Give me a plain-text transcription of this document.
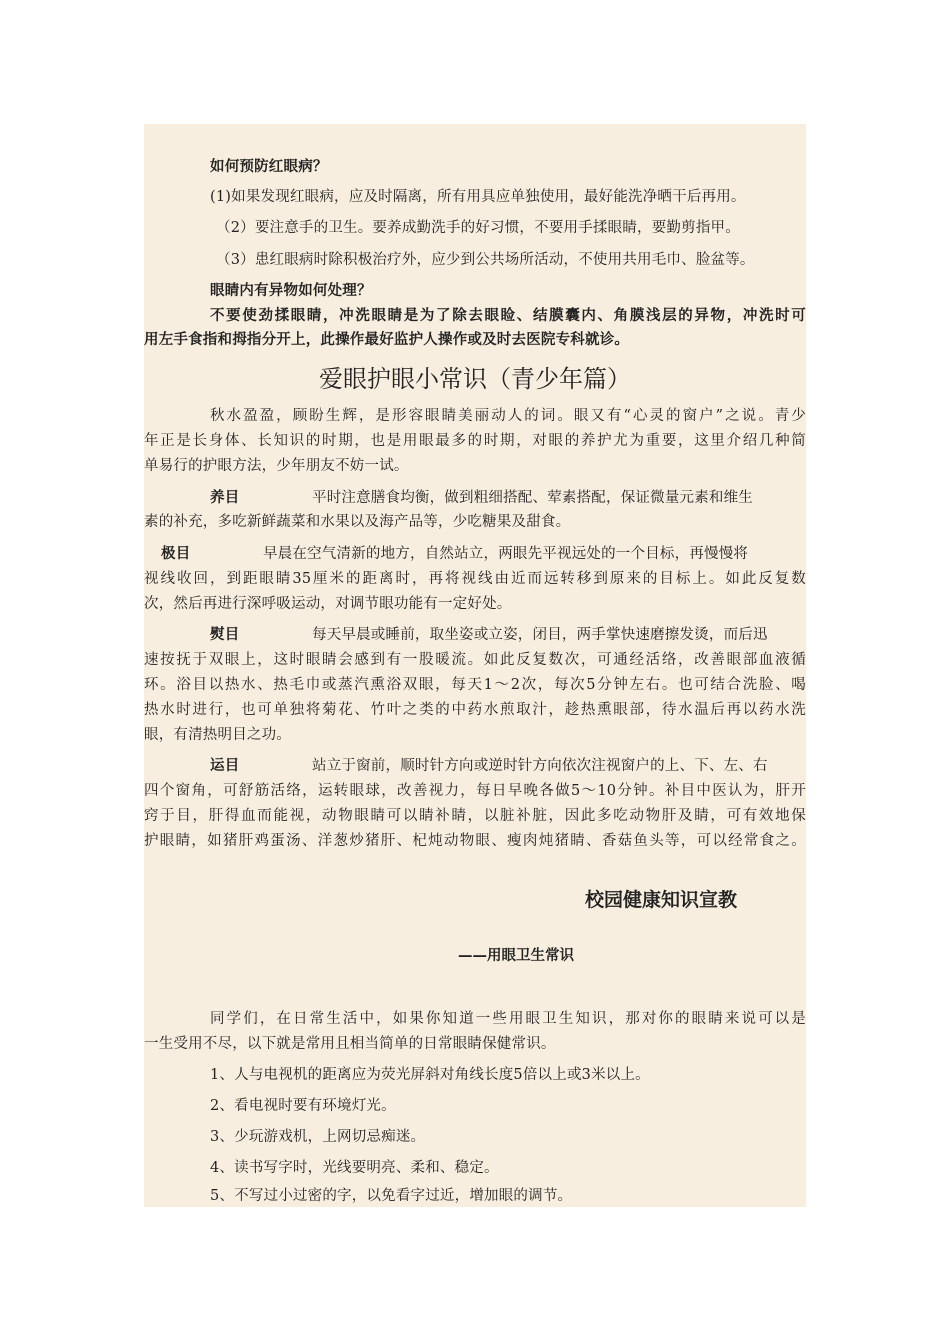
如何预防红眼病？
(1)如果发现红眼病，应及时隔离，所有用具应单独使用，最好能洗净晒干后再用。
（2）要注意手的卫生。要养成勤洗手的好习惯，不要用手揉眼睛，要勤剪指甲。
（3）患红眼病时除积极治疗外，应少到公共场所活动，不使用共用毛巾、脸盆等。
眼睛内有异物如何处理？
不要使劲揉眼睛，冲洗眼睛是为了除去眼睑、结膜囊内、角膜浅层的异物，冲洗时可
用左手食指和拇指分开上，此操作最好监护人操作或及时去医院专科就诊。
爱眼护眼小常识（青少年篇）
秋水盈盈，顾盼生辉，是形容眼睛美丽动人的词。眼又有“心灵的窗户”之说。青少
年正是长身体、长知识的时期，也是用眼最多的时期，对眼的养护尤为重要，这里介绍几种简
单易行的护眼方法，少年朋友不妨一试。
养目	平时注意膳食均衡，做到粗细搭配、荤素搭配，保证微量元素和维生
素的补充，多吃新鲜蔬菜和水果以及海产品等，少吃糖果及甜食。
极目	早晨在空气清新的地方，自然站立，两眼先平视远处的一个目标，再慢慢将
视线收回，到距眼睛35厘米的距离时，再将视线由近而远转移到原来的目标上。如此反复数
次，然后再进行深呼吸运动，对调节眼功能有一定好处。
熨目	每天早晨或睡前，取坐姿或立姿，闭目，两手掌快速磨擦发烫，而后迅
速按抚于双眼上，这时眼睛会感到有一股暖流。如此反复数次，可通经活络，改善眼部血液循
环。浴目以热水、热毛巾或蒸汽熏浴双眼，每天1～2次，每次5分钟左右。也可结合洗脸、喝
热水时进行，也可单独将菊花、竹叶之类的中药水煎取汁，趁热熏眼部，待水温后再以药水洗
眼，有清热明目之功。
运目	站立于窗前，顺时针方向或逆时针方向依次注视窗户的上、下、左、右
四个窗角，可舒筋活络，运转眼球，改善视力，每日早晚各做5～10分钟。补目中医认为，肝开
窍于目，肝得血而能视，动物眼睛可以睛补睛，以脏补脏，因此多吃动物肝及睛，可有效地保
护眼睛，如猪肝鸡蛋汤、洋葱炒猪肝、杞炖动物眼、瘦肉炖猪睛、香菇鱼头等，可以经常食之。
校园健康知识宣教
——用眼卫生常识
同学们，在日常生活中，如果你知道一些用眼卫生知识，那对你的眼睛来说可以是
一生受用不尽，以下就是常用且相当简单的日常眼睛保健常识。
1、人与电视机的距离应为荧光屏斜对角线长度5倍以上或3米以上。
2、看电视时要有环境灯光。
3、少玩游戏机，上网切忌痴迷。
4、读书写字时，光线要明亮、柔和、稳定。
5、不写过小过密的字，以免看字过近，增加眼的调节。
